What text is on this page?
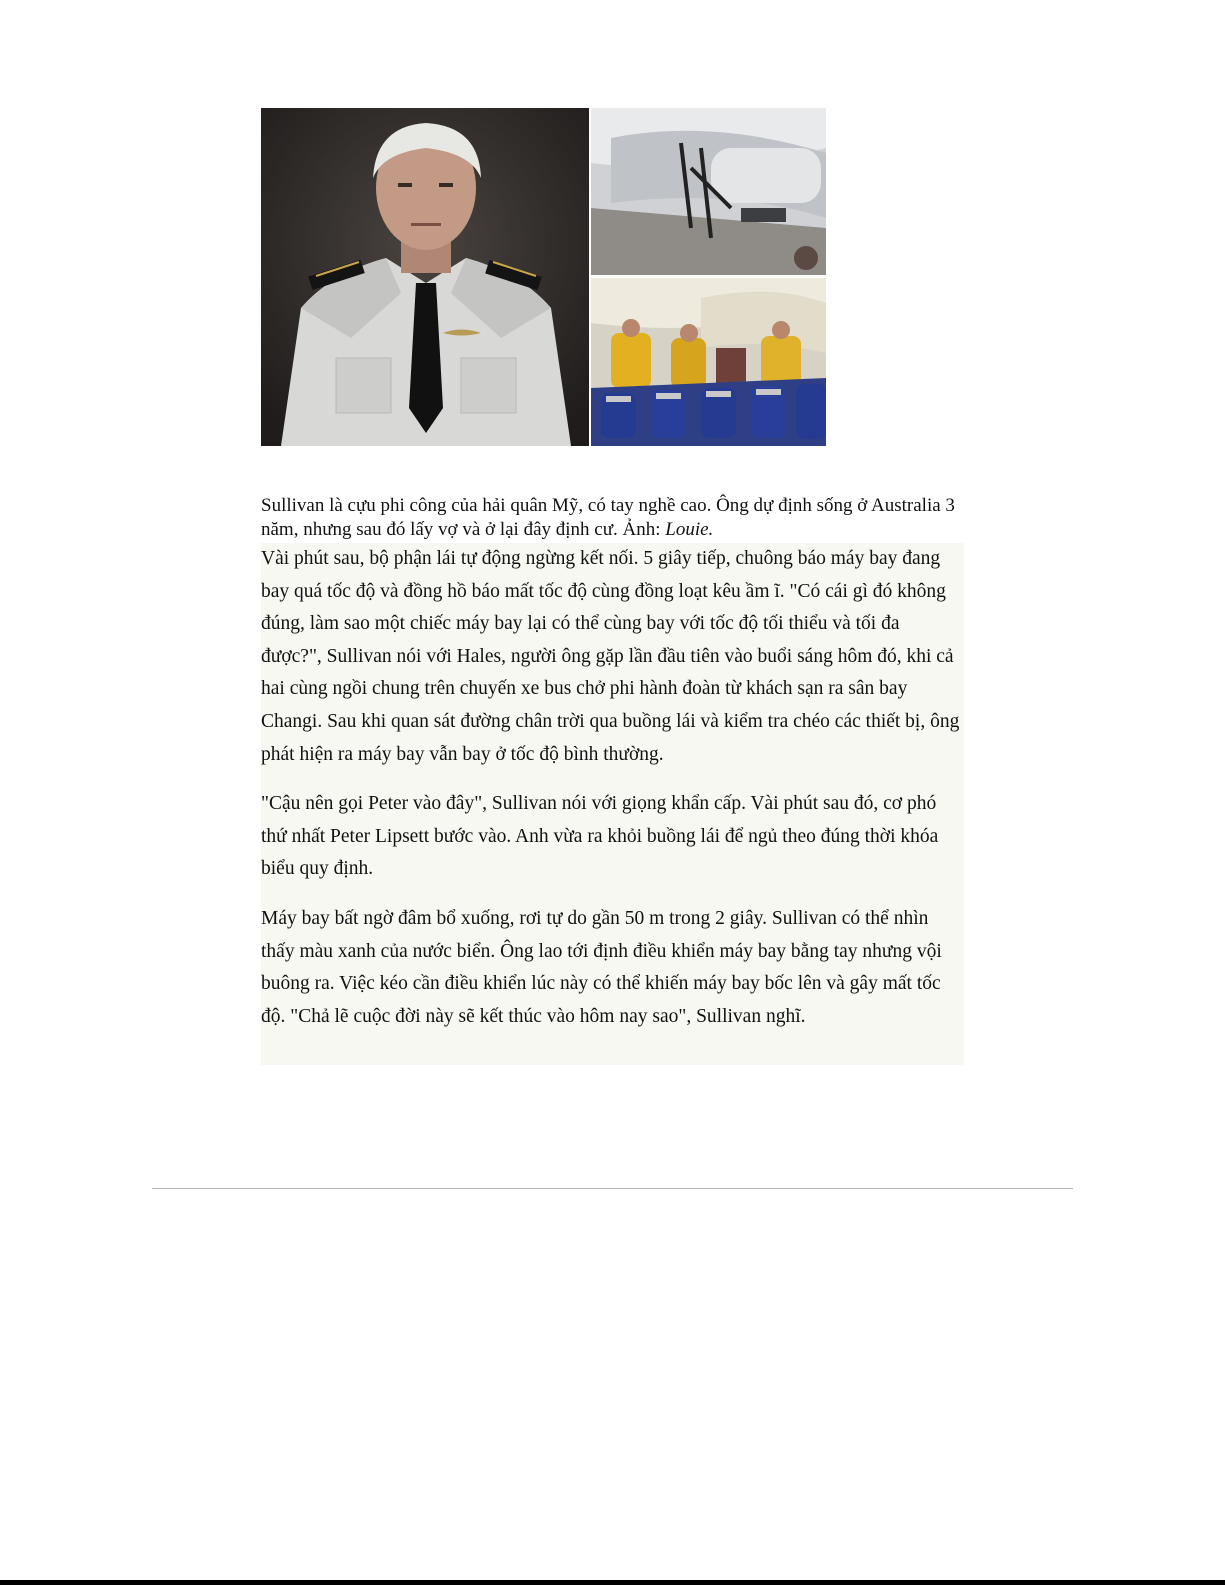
Sullivan là cựu phi công của hải quân Mỹ, có tay nghề cao. Ông dự định sống ở Australia 3 năm, nhưng sau đó lấy vợ và ở lại đây định cư. Ảnh: Louie.

Vài phút sau, bộ phận lái tự động ngừng kết nối. 5 giây tiếp, chuông báo máy bay đang bay quá tốc độ và đồng hồ báo mất tốc độ cùng đồng loạt kêu ầm ĩ. "Có cái gì đó không đúng, làm sao một chiếc máy bay lại có thể cùng bay với tốc độ tối thiểu và tối đa được?", Sullivan nói với Hales, người ông gặp lần đầu tiên vào buổi sáng hôm đó, khi cả hai cùng ngồi chung trên chuyến xe bus chở phi hành đoàn từ khách sạn ra sân bay Changi. Sau khi quan sát đường chân trời qua buồng lái và kiểm tra chéo các thiết bị, ông phát hiện ra máy bay vẫn bay ở tốc độ bình thường.

"Cậu nên gọi Peter vào đây", Sullivan nói với giọng khẩn cấp. Vài phút sau đó, cơ phó thứ nhất Peter Lipsett bước vào. Anh vừa ra khỏi buồng lái để ngủ theo đúng thời khóa biểu quy định.

Máy bay bất ngờ đâm bổ xuống, rơi tự do gần 50 m trong 2 giây. Sullivan có thể nhìn thấy màu xanh của nước biển. Ông lao tới định điều khiển máy bay bằng tay nhưng vội buông ra. Việc kéo cần điều khiển lúc này có thể khiến máy bay bốc lên và gây mất tốc độ. "Chả lẽ cuộc đời này sẽ kết thúc vào hôm nay sao", Sullivan nghĩ.
